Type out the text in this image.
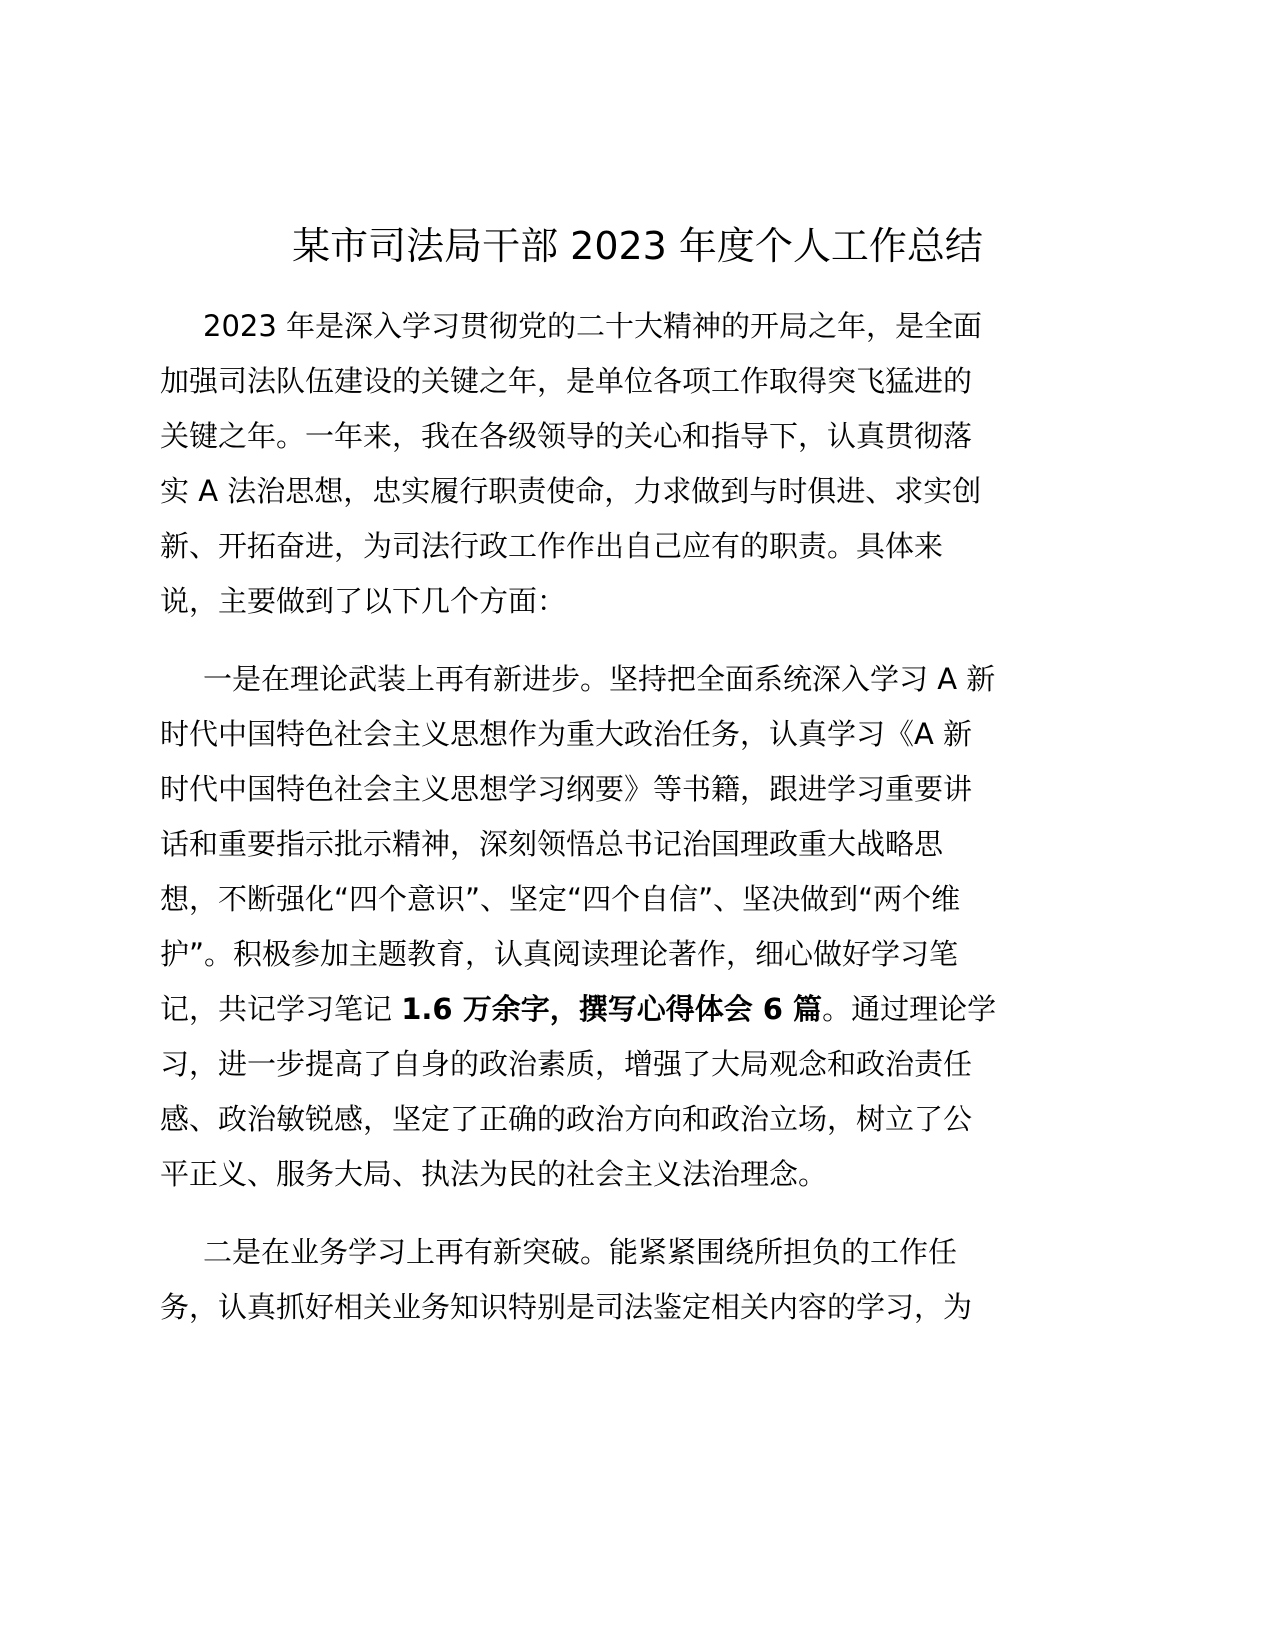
某市司法局干部 2023 年度个人工作总结

2023 年是深入学习贯彻党的二十大精神的开局之年，是全面

加强司法队伍建设的关键之年，是单位各项工作取得突飞猛进的

关键之年。一年来，我在各级领导的关心和指导下，认真贯彻落

实 A 法治思想，忠实履行职责使命，力求做到与时俱进、求实创

新、开拓奋进，为司法行政工作作出自己应有的职责。具体来

说，主要做到了以下几个方面：

一是在理论武装上再有新进步。坚持把全面系统深入学习 A 新

时代中国特色社会主义思想作为重大政治任务，认真学习《A 新

时代中国特色社会主义思想学习纲要》等书籍，跟进学习重要讲

话和重要指示批示精神，深刻领悟总书记治国理政重大战略思

想，不断强化“四个意识”、坚定“四个自信”、坚决做到“两个维

护”。积极参加主题教育，认真阅读理论著作，细心做好学习笔

记，共记学习笔记 1.6 万余字，撰写心得体会 6 篇。通过理论学

习，进一步提高了自身的政治素质，增强了大局观念和政治责任

感、政治敏锐感，坚定了正确的政治方向和政治立场，树立了公

平正义、服务大局、执法为民的社会主义法治理念。

二是在业务学习上再有新突破。能紧紧围绕所担负的工作任

务，认真抓好相关业务知识特别是司法鉴定相关内容的学习，为
